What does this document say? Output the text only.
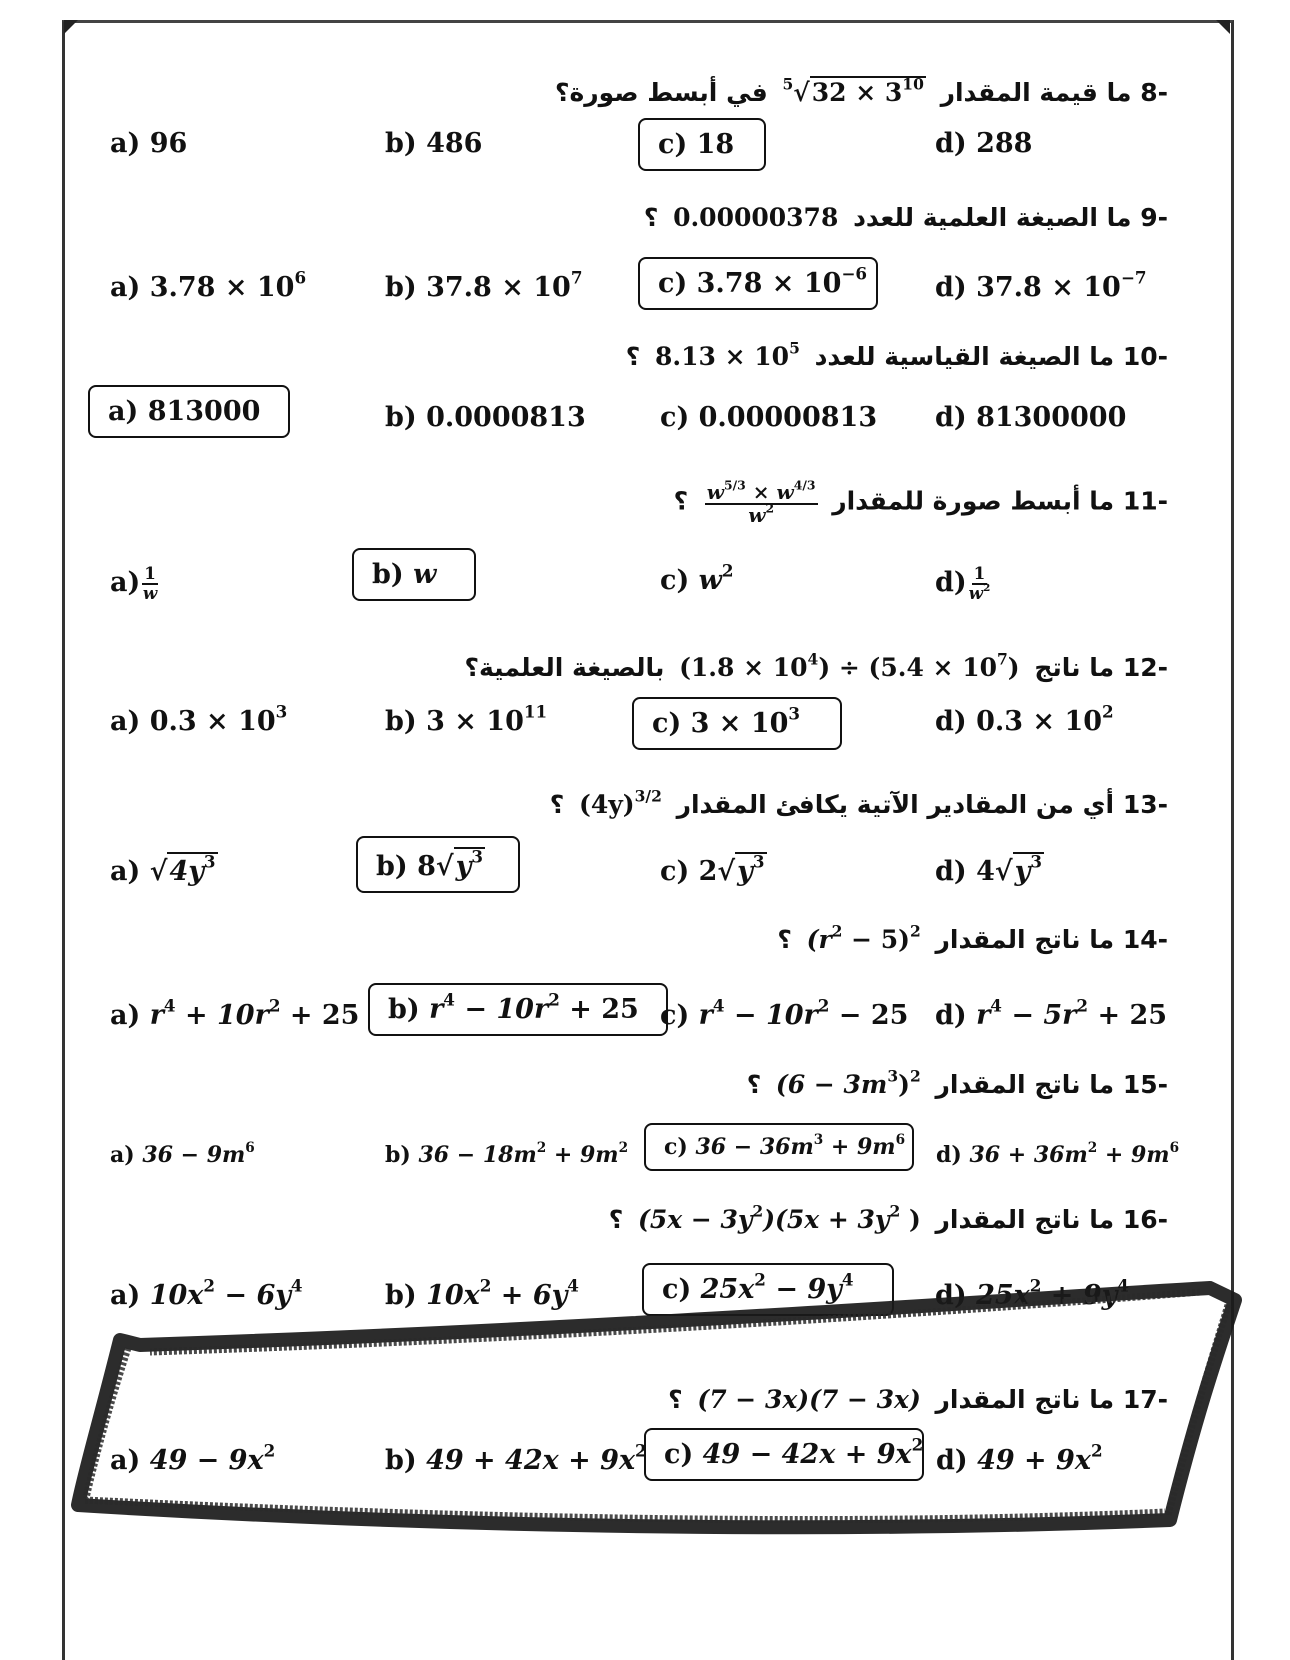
-8 ما قيمة المقدار $^5√32 \times 3^{10}$ في أبسط صورة؟
a) 96	b) 486	c) 18	d) 288
-9 ما الصيغة العلمية للعدد 0.00000378 ؟
a) $3.78 \times 10^6$	b) $37.8 \times 10^7$	c) $3.78 \times 10^{-6}$	d) $37.8 \times 10^{-7}$
-10 ما الصيغة القياسية للعدد $8.13 \times 10^5$ ؟
a) 813000	b) 0.0000813	c) 0.00000813 d) 81300000
-11 ما أبسط صورة للمقدار
$\frac{w^{5/3} \times w^{4/3}}{w^2}$
؟
$a) \frac{1}{w}$	b) w	c) $w^2$	$d) \frac{1}{w^2}$
-12 ما ناتج $(1.8 \times 10^4) \div (5.4 \times 10^7)$ بالصيغة العلمية؟
a) $0.3 \times 10^3$	b) $3 \times 10^{11}$	c) $3 \times 10^3$	d) $0.3 \times 10^2$
-13 أي من المقادير الآتية يكافئ المقدار $(4y)^{3/2}$ ؟
a) $√4y^3$	b) $8√y^3$	c) $2√y^3$	d) $4√y^3$
-14 ما ناتج المقدار $(r^2 - 5)^2$ ؟
a) $r^4 + 10r^2 + 25$	b) $r^4 - 10r^2 + 25$ c) $r^4 - 10r^2 - 25$ d) $r^4 - 5r^2 + 25$
-15 ما ناتج المقدار $(6 - 3m^3)^2$ ؟
a) $36 - 9m^6$	b) $36 - 18m^2 + 9m^2$	c) $36 - 36m^3 + 9m^6$
d) $36 + 36m^2 + 9m^6$
-16 ما ناتج المقدار $(5x - 3y^2)(5x + 3y^2$ ) ؟
a) $10x^2 - 6y^4$	b) $10x^2 + 6y^4$	c) $25x^2 - 9y^4$
d) $25x^2 + 9y^4$
-17 ما ناتج المقدار (7 − 3x)(7 − 3x) ؟
a) $49 - 9x^2$	b) $49 + 42x + 9x^2$ c) $49 - 42x + 9x^2$
d) $49 + 9x^2$
